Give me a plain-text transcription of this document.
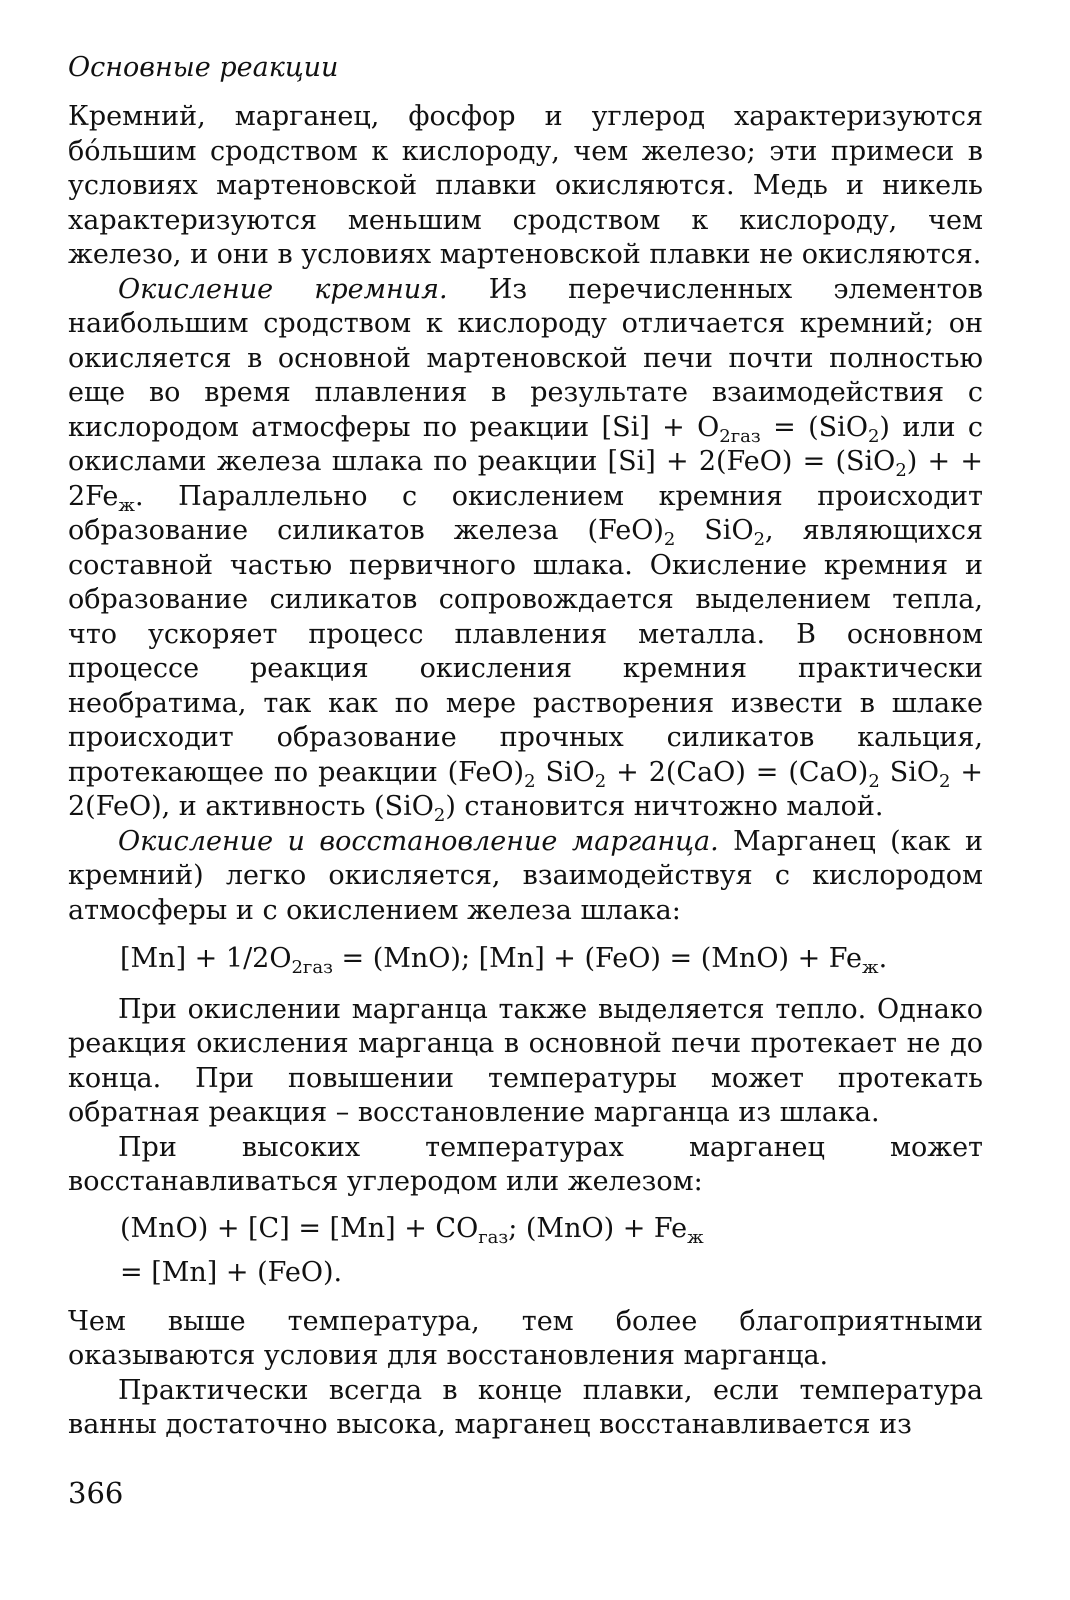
Основные реакции

Кремний, марганец, фосфор и углерод характеризуются бóльшим сродством к кислороду, чем железо; эти примеси в условиях мартеновской плавки окисляются. Медь и никель характеризуются меньшим сродством к кислороду, чем железо, и они в условиях мартеновской плавки не окисляются.

Окисление кремния. Из перечисленных элементов наибольшим сродством к кислороду отличается кремний; он окисляется в основной мартеновской печи почти полностью еще во время плавления в результате взаимодействия с кислородом атмосферы по реакции $[Si] + O_{2газ} = (SiO_2)$ или с окислами железа шлака по реакции [Si] + 2(FeO) = (SiO$_2$) + + $2Fe_ж$. Параллельно с окислением кремния происходит образование силикатов железа $(FeO)_2$ SiO$_2$, являющихся составной частью первичного шлака. Окисление кремния и образование силикатов сопровождается выделением тепла, что ускоряет процесс плавления металла. В основном процессе реакция окисления кремния практически необратима, так как по мере растворения извести в шлаке происходит образование прочных силикатов кальция, протекающее по реакции $(FeO)_2$ $SiO_2 + 2(CaO) = (CaO)_2$ SiO$_2$ + 2(FeO), и активность (SiO$_2$) становится ничтожно малой.

Окисление и восстановление марганца. Марганец (как и кремний) легко окисляется, взаимодействуя с кислородом атмосферы и с окислением железа шлака:

$[Mn] + 1/2O_{2газ} = (MnO)$; $[Mn] + (FeO) = (MnO) + Fe_ж$.

При окислении марганца также выделяется тепло. Однако реакция окисления марганца в основной печи протекает не до конца. При повышении температуры может протекать обратная реакция – восстановление марганца из шлака.

При высоких температурах марганец может восстанавливаться углеродом или железом:

$(MnO) + [C] = [Mn] + CO_{газ}$; $(MnO) + Fe_ж$
= [Mn] + (FeO).

Чем выше температура, тем более благоприятными оказываются условия для восстановления марганца.

Практически всегда в конце плавки, если температура ванны достаточно высока, марганец восстанавливается из

366
